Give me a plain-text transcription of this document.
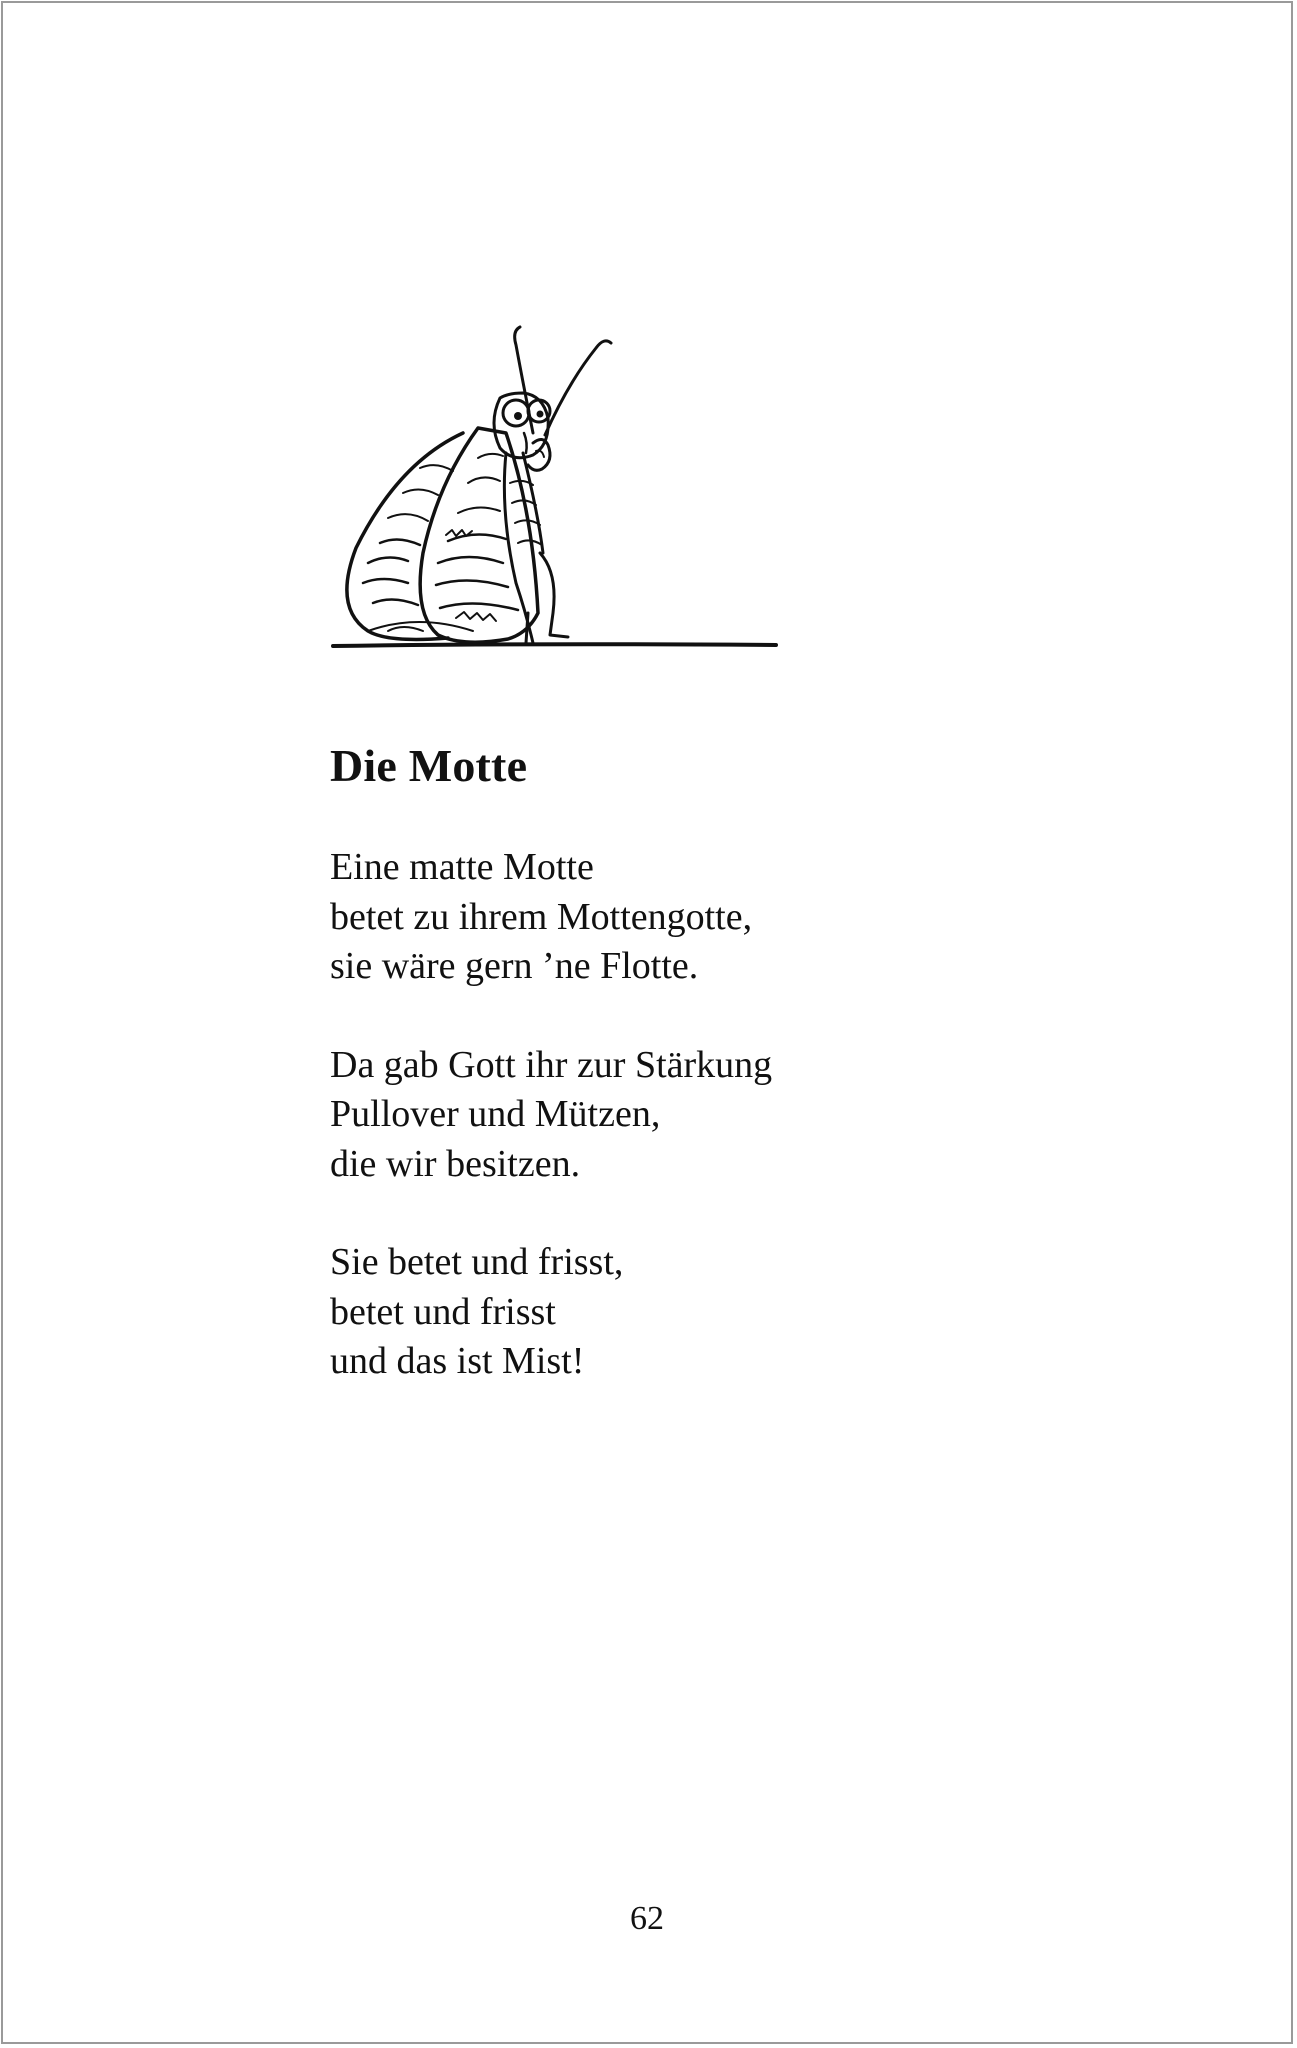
Die Motte
Eine matte Motte
betet zu ihrem Mottengotte,
sie wäre gern ’ne Flotte.
Da gab Gott ihr zur Stärkung
Pullover und Mützen,
die wir besitzen.
Sie betet und frisst,
betet und frisst
und das ist Mist!
62
